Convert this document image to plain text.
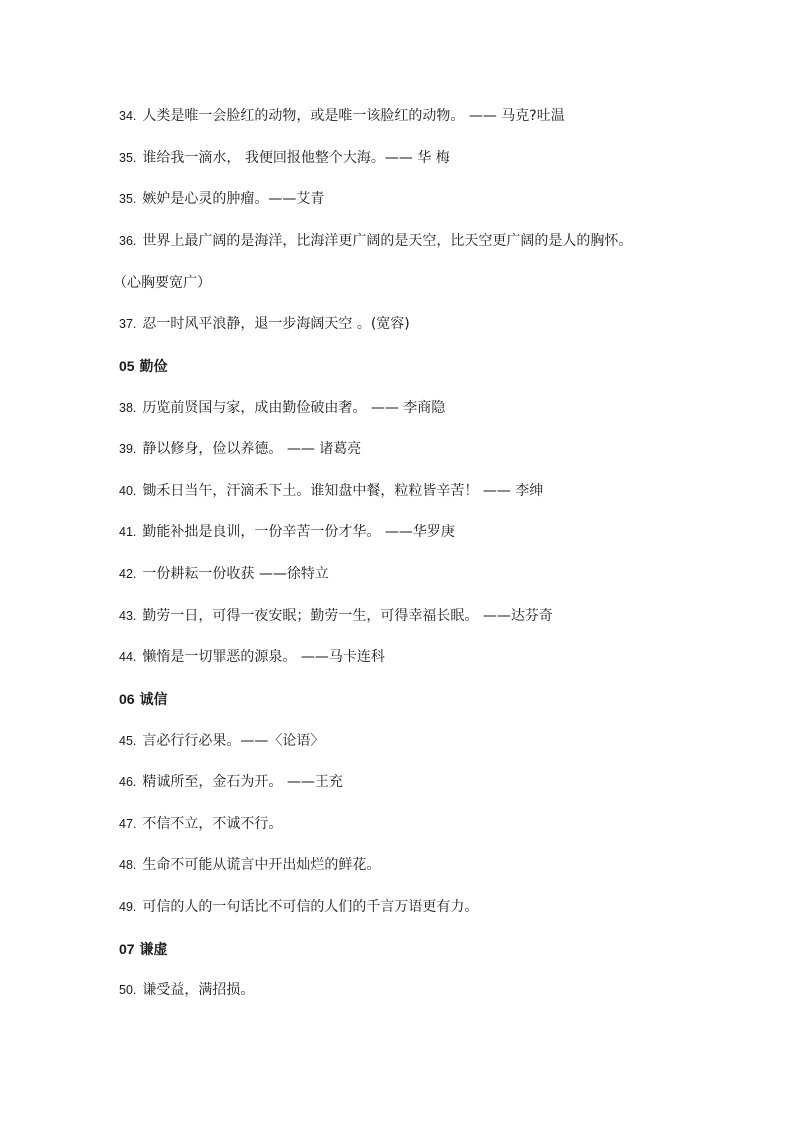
34. 人类是唯一会脸红的动物，或是唯一该脸红的动物。 —— 马克?吐温
35. 谁给我一滴水， 我便回报他整个大海。—— 华 梅
35. 嫉妒是心灵的肿瘤。——艾青
36. 世界上最广阔的是海洋，比海洋更广阔的是天空，比天空更广阔的是人的胸怀。
（心胸要宽广）
37. 忍一时风平浪静，退一步海阔天空 。(宽容)
05 勤俭
38. 历览前贤国与家，成由勤俭破由奢。 —— 李商隐
39. 静以修身，俭以养德。 —— 诸葛亮
40. 锄禾日当午，汗滴禾下土。谁知盘中餐，粒粒皆辛苦！ —— 李绅
41. 勤能补拙是良训，一份辛苦一份才华。 ——华罗庚
42. 一份耕耘一份收获 ——徐特立
43. 勤劳一日，可得一夜安眠；勤劳一生，可得幸福长眠。 ——达芬奇
44. 懒惰是一切罪恶的源泉。 ——马卡连科
06 诚信
45. 言必行行必果。——〈论语〉
46. 精诚所至，金石为开。 ——王充
47. 不信不立，不诚不行。
48. 生命不可能从谎言中开出灿烂的鲜花。
49. 可信的人的一句话比不可信的人们的千言万语更有力。
07 谦虚
50. 谦受益，满招损。
